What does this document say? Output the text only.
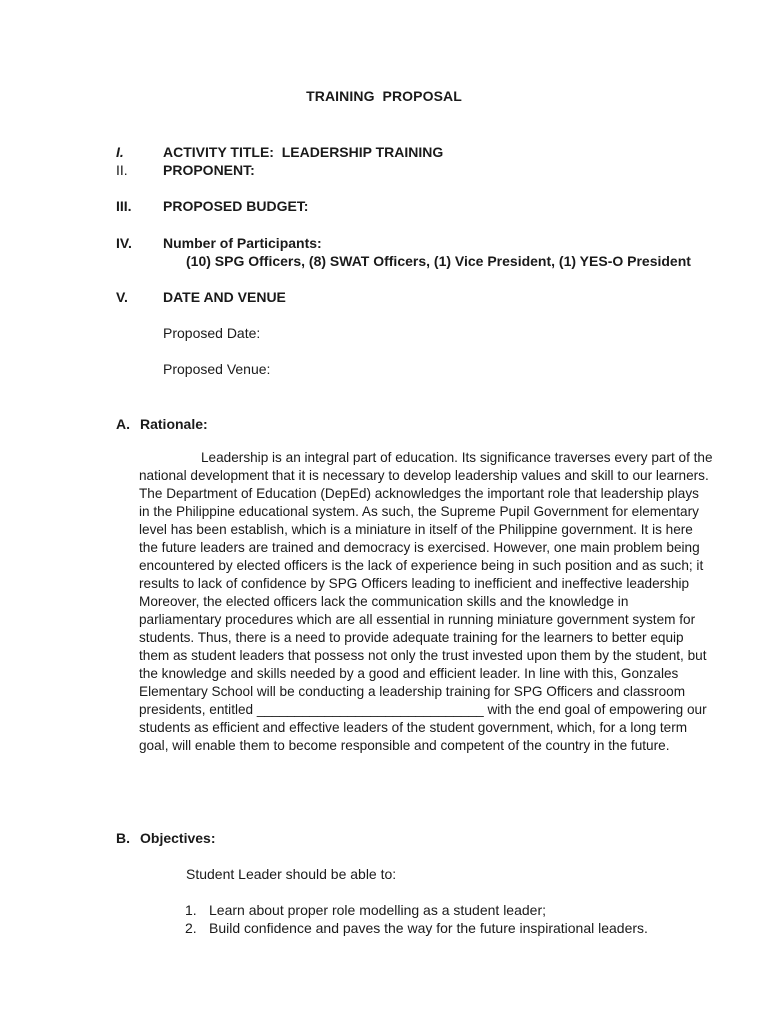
TRAINING  PROPOSAL
I.	ACTIVITY TITLE:  LEADERSHIP TRAINING
II.	PROPONENT:
III. PROPOSED BUDGET:
IV. Number of Participants:
(10) SPG Officers, (8) SWAT Officers, (1) Vice President, (1) YES-O President
V.	DATE AND VENUE
Proposed Date:
Proposed Venue:
A. Rationale:

Leadership is an integral part of education. Its significance traverses every part of the
national development that it is necessary to develop leadership values and skill to our learners.
The Department of Education (DepEd) acknowledges the important role that leadership plays
in the Philippine educational system. As such, the Supreme Pupil Government for elementary
level has been establish, which is a miniature in itself of the Philippine government. It is here
the future leaders are trained and democracy is exercised. However, one main problem being
encountered by elected officers is the lack of experience being in such position and as such; it
results to lack of confidence by SPG Officers leading to inefficient and ineffective leadership
Moreover, the elected officers lack the communication skills and the knowledge in
parliamentary procedures which are all essential in running miniature government system for
students. Thus, there is a need to provide adequate training for the learners to better equip
them as student leaders that possess not only the trust invested upon them by the student, but
the knowledge and skills needed by a good and efficient leader. In line with this, Gonzales
Elementary School will be conducting a leadership training for SPG Officers and classroom
presidents, entitled ______________________________ with the end goal of empowering our
students as efficient and effective leaders of the student government, which, for a long term
goal, will enable them to become responsible and competent of the country in the future.

B. Objectives:
Student Leader should be able to:
1. Learn about proper role modelling as a student leader;
2. Build confidence and paves the way for the future inspirational leaders.
